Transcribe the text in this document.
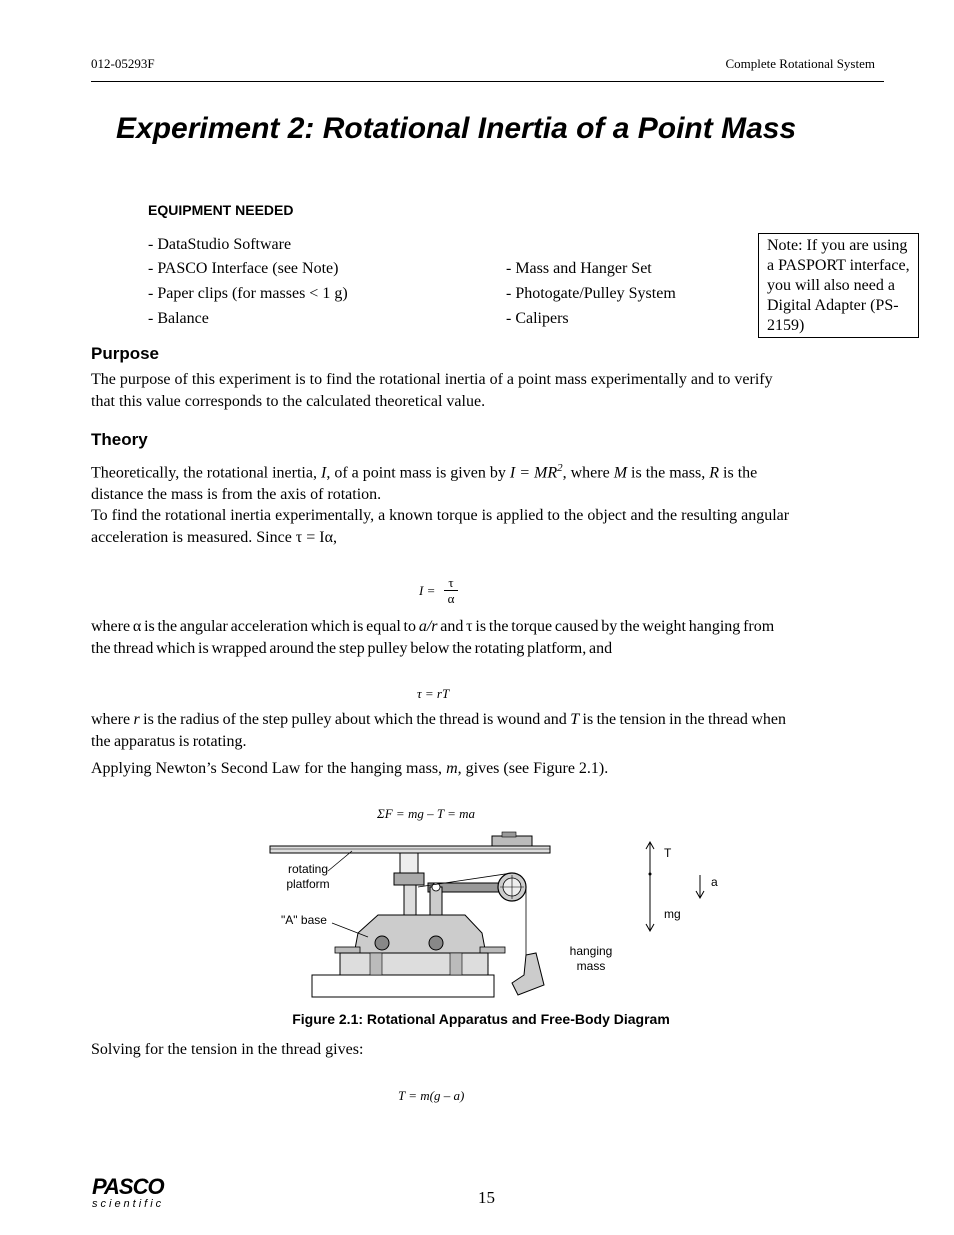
012-05293F	Complete Rotational System
Experiment 2: Rotational Inertia of a Point Mass
EQUIPMENT NEEDED
- DataStudio Software
- PASCO Interface (see Note)
- Paper clips (for masses < 1 g)
- Balance
- Mass and Hanger Set
- Photogate/Pulley System
- Calipers
Note: If you are using a PASPORT interface, you will also need a Digital Adapter (PS-2159)
Purpose

The purpose of this experiment is to find the rotational inertia of a point mass experimentally and to verify that this value corresponds to the calculated theoretical value.

Theory

Theoretically, the rotational inertia, I, of a point mass is given by $I = MR^2$, where M is the mass, R is the distance the mass is from the axis of rotation.

To find the rotational inertia experimentally, a known torque is applied to the object and the resulting angular acceleration is measured. Since τ = Iα,

I =
τ
α

where α is the angular acceleration which is equal to a/r and τ is the torque caused by the weight hanging from the thread which is wrapped around the step pulley below the rotating platform, and

τ = rT

where r is the radius of the step pulley about which the thread is wound and T is the tension in the thread when the apparatus is rotating.

Applying Newton’s Second Law for the hanging mass, m, gives (see Figure 2.1).

ΣF = mg – T = ma
rotating platform
"A" base
hanging mass
T
a
mg
Figure 2.1: Rotational Apparatus and Free-Body Diagram

Solving for the tension in the thread gives:

T = m(g – a)
PASCO
scientific	15
